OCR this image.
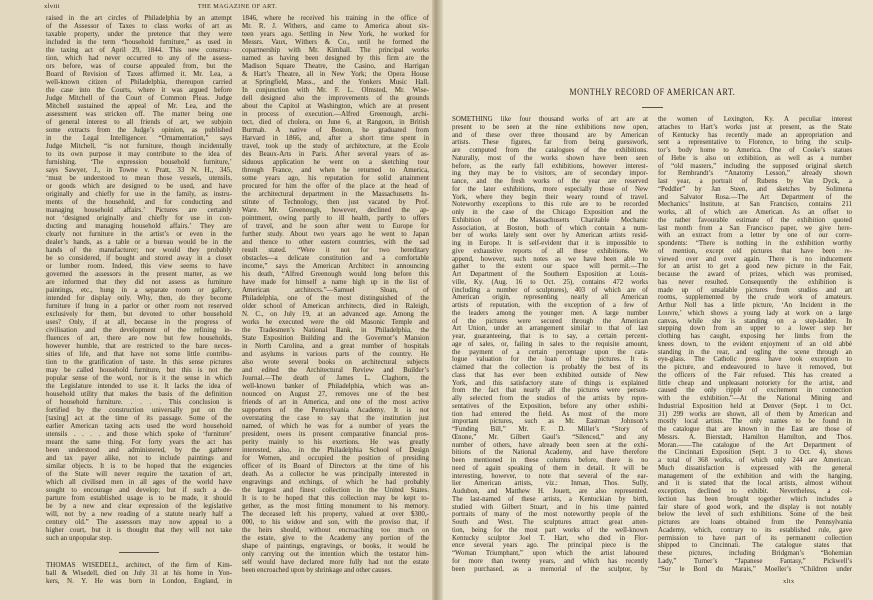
xlviii	THE MAGAZINE OF ART.
raised in the art circles of Philadelphia by an attempt
of the Assessor of Taxes to class works of art as
taxable property, under the pretence that they were
included in the term “household furniture,” as used in
the taxing act of April 29, 1844. This new construc-
tion, which had never occurred to any of the assess-
ors before, was of course appealed from, but the
Board of Revision of Taxes affirmed it. Mr. Lea, a
well-known citizen of Philadelphia, thereupon carried
the case into the Courts, where it was argued before
Judge Mitchell of the Court of Common Pleas. Judge
Mitchell sustained the appeal of Mr. Lea, and the
assessment was stricken off. The matter being one
of general interest to all friends of art, we subjoin
some extracts from the Judge’s opinion, as published
in the Legal Intelligencer. “Ornamentation,” says
Judge Mitchell, “is not furniture, though incidentally
to its own purpose it may contribute to the idea of
furnishing. ‘The expression household furniture,’
says Sawyer, J., in Towne v. Pratt, 33 N. H., 345,
‘must be understood to mean those vessels, utensils,
or goods which are designed to be used, and have
originally and chiefly for use in the family, as instru-
ments of the household, and for conducting and
managing household affairs.’ Pictures are certainly
not ‘designed originally and chiefly for use in con-
ducting and managing household affairs.’ They are
clearly not furniture in the artist’s or even in the
dealer’s hands, as a table or a bureau would be in the
hands of the manufacturer; nor would they probably
be so considered, if bought and stored away in a closet
or lumber room. Indeed, this view seems to have
governed the assessors in the present matter, as we
are informed that they did not assess as furniture
paintings, etc., hung in a separate room or gallery,
intended for display only. Why, then, do they become
furniture if hung in a parlor or other room not reserved
exclusively for them, but devoted to other household
uses? Only, if at all, because in the progress of
civilisation and the development of the refining in-
fluences of art, there are now but few households,
however humble, that are restricted to the bare neces-
sities of life, and that have not some little contribu-
tion to the gratification of taste. In this sense pictures
may be called household furniture, but this is not the
popular sense of the word, nor is it the sense in which
the Legislature intended to use it. It lacks the idea of
household utility that makes the basis of the definition
of household furniture. . . . . This conclusion is
fortified by the construction universally put on the
[taxing] act at the time of its passage. Some of the
earlier American taxing acts used the word household
utensils . . . . and those which spoke of ‘furniture’
meant the same thing. For forty years the act has
been understood and administered, by the gatherer
and tax payer alike, not to include paintings and
similar objects. It is to be hoped that the exigencies
of the State will never require the taxation of art,
which all civilised men in all ages of the world have
sought to encourage and develop; but if such a de-
parture from established usage is to be made, it should
be by a new and clear expression of the legislative
will, not by a new reading of a statute nearly half a
century old.” The assessors may now appeal to a
higher court, but it is thought that they will not take
such an unpopular step.
THOMAS WISEDELL, architect, of the firm of Kim-
ball & Wisedell, died on July 31 at his home in Yon-
kers, N. Y. He was born in London, England, in
1846, where he received his training in the office of
Mr. R. J. Withers, and came to America about six-
teen years ago. Settling in New York, he worked for
Messrs. Vaux, Withers & Co., until he formed the
copartnership with Mr. Kimball. The principal works
named as having been designed by this firm are the
Madison Square Theatre, the Casino, and Harrigan
& Hart’s Theatre, all in New York; the Opera House
at Springfield, Mass., and the Yonkers Music Hall.
In conjunction with Mr. F. L. Olmsted, Mr. Wise-
dell designed also the improvements of the grounds
about the Capitol at Washington, which are at present
in process of execution.—Alfred Greenough, archi-
tect, died of cholera, on June 6, at Rangoon, in British
Burmah. A native of Boston, he graduated from
Harvard in 1866, and, after a short time spent in
travel, took up the study of architecture, at the Ecole
des Beaux-Arts in Paris. After several years of as-
siduous application he went on a sketching tour
through France, and when he returned to America,
some years ago, his reputation for solid attainment
procured for him the offer of the place at the head of
the architectural department in the Massachusetts In-
stitute of Technology, then just vacated by Prof.
Ware. Mr. Greenough, however, declined the ap-
pointment, owing partly to ill health, partly to offers
of travel, and he soon after went to Europe for
further study. About two years ago he went to Japan
and thence to other eastern countries, with the sad
result stated. “Were it not for two hereditary
obstacles—a delicate constitution and a comfortable
income,” says the American Architect in announcing
his death, “Alfred Greenough would long before this
have made for himself a name high up in the list of
American architects.”—Samuel Sloan, of
Philadelphia, one of the most distinguished of the
older school of American architects, died in Raleigh,
N. C., on July 19, at an advanced age. Among the
works he executed were the old Masonic Temple and
the Tradesmen’s National Bank, in Philadelphia, the
State Exposition Building and the Governor’s Mansion
in North Carolina, and a great number of hospitals
and asylums in various parts of the country. He
also wrote several books on architectural subjects
and edited the Architectural Review and Builder’s
Journal.—The death of James L. Claghorn, the
well-known banker of Philadelphia, which was an-
nounced on August 27, removes one of the best
friends of art in America, and one of the most active
supporters of the Pennsylvania Academy. It is not
overstating the case to say that the institution just
named, of which he was for a number of years the
president, owes its present comparative financial pros-
perity mainly to his exertions. He was greatly
interested, also, in the Philadelphia School of Design
for Women, and occupied the position of presiding
officer of its Board of Directors at the time of his
death. As a collector he was principally interested in
engravings and etchings, of which he had probably
the largest and finest collection in the United States.
It is to be hoped that this collection may be kept to-
gether, as the most fitting monument to his memory.
The deceased left his property, valued at over $300,-
000, to his widow and son, with the proviso that, if
the heirs should, without encroaching too much on
the estate, give to the Academy any portion of the
shape of paintings, engravings, or books, it would be
only carrying out the intention which the testator him-
self would have declared more fully had not the estate
been encroached upon by shrinkage and other causes.
MONTHLY RECORD OF AMERICAN ART.
SOMETHING like four thousand works of art are at
present to be seen at the nine exhibitions now open,
and of these over three thousand are by American
artists. These figures, far from being guesswork,
are computed from the catalogues of the exhibitions.
Naturally, most of the works shown have been seen
before, as the early fall exhibitions, however interest-
ing they may be to visitors, are of secondary impor-
tance, and the fresh works of the year are reserved
for the later exhibitions, more especially those of New
York, where they begin their weary round of travel.
Noteworthy exceptions to this rule are to be recorded
only in the case of the Chicago Exposition and the
Exhibition of the Massachusetts Charitable Mechanic
Association, at Boston, both of which contain a num-
ber of works lately sent over by American artists resid-
ing in Europe. It is self-evident that it is impossible to
give exhaustive reports of all these exhibitions. We
append, however, such notes as we have been able to
gather to the extent our space will permit.—The
Art Department of the Southern Exposition at Louis-
ville, Ky. (Aug. 16 to Oct. 25), contains 472 works
(including a number of sculptures), 403 of which are of
American origin, representing nearly all American
artists of reputation, with the exception of a few of
the leaders among the younger men. A large number
of the pictures were secured through the American
Art Union, under an arrangement similar to that of last
year, guaranteeing, that is to say, a certain percent-
age of sales, or, failing in sales to the requisite amount,
the payment of a certain percentage upon the cata-
logue valuation for the loan of the pictures. It is
claimed that the collection is probably the best of its
class that has ever been exhibited outside of New
York, and this satisfactory state of things is explained
from the fact that nearly all the pictures were person-
ally selected from the studios of the artists by repre-
sentatives of the Exposition, before any other exhibi-
tion had entered the field. As most of the more
important pictures, such as Mr. Eastman Johnson’s
“Funding Bill,” Mr. F. D. Millet’s “Story of
Œnone,” Mr. Gilbert Gaul’s “Silenced,” and any
number of others, have already been seen at the exhi-
bitions of the National Academy, and have therefore
been mentioned in these columns before, there is no
need of again speaking of them in detail. It will be
interesting, however, to note that several of the ear-
lier American artists, viz.: Inman, Thos. Sully,
Audubon, and Matthew H. Jouett, are also represented.
The last-named of these artists, a Kentuckian by birth,
studied with Gilbert Stuart, and in his time painted
portraits of many of the most noteworthy people of the
South and West. The sculptures attract great atten-
tion, being for the most part works of the well-known
Kentucky sculptor Joel T. Hart, who died in Flor-
ence several years ago. The principal piece is the
“Woman Triumphant,” upon which the artist laboured
for more than twenty years, and which has recently
been purchased, as a memorial of the sculptor, by
the women of Lexington, Ky. A peculiar interest
attaches to Hart’s works just at present, as the State
of Kentucky has recently made an appropriation and
sent a representative to Florence, to bring the sculp-
tor’s body home to America. One of Cooke’s statues
of Hebe is also on exhibition, as well as a number
of “old masters,” including the supposed original sketch
for Rembrandt’s “Anatomy Lesson,” already shown
last year, a portrait of Rubens by Van Dyck, a
“Peddler” by Jan Steen, and sketches by Solimena
and Salvator Rosa.—The Art Department of the
Mechanics’ Institute, at San Francisco, contains 211
works, all of which are American. As an offset to
the rather favourable estimate of the exhibition quoted
last month from a San Francisco paper, we give here-
with an extract from a letter by one of our corre-
spondents: “There is nothing in the exhibition worthy
of mention, except old pictures that have been re-
viewed over and over again. There is no inducement
for an artist to get a good new picture in the Fair,
because the award of prizes, which was promised,
has never resulted. Consequently the exhibition is
made up of unsalable pictures from studios and art
rooms, supplemented by the crude work of amateurs.
Arthur Noll has a little picture, ‘An Incident in the
Louvre,’ which shows a young lady at work on a large
canvas, while she is standing on a step-ladder. In
stepping down from an upper to a lower step her
clothing has caught, exposing her limbs from the
knees down, to the evident enjoyment of an old abbé
standing in the rear, and ogling the scene through an
eye-glass. The Catholic press have took exception to
the picture, and endeavoured to have it removed, but
the officers of the Fair refused. This has created a
little cheap and unpleasant notoriety for the artist, and
caused the only ripple of excitement in connection
with the exhibition.”—At the National Mining and
Industrial Exposition held at Denver (Sept. 1 to Oct.
31) 299 works are shown, all of them by American and
mostly local artists. The only names to be found in
the catalogue that are known in the East are those of
Messrs. A. Bierstadt, Hamilton Hamilton, and Thos.
Moran.——The catalogue of the Art Department of
the Cincinnati Exposition (Sept. 3 to Oct. 4), shows
a total of 368 works, of which only 244 are American.
Much dissatisfaction is expressed with the general
management of the exhibition and with the hanging,
and it is stated that the local artists, almost without
exception, declined to exhibit. Nevertheless, a col-
lection has been brought together which includes a
fair share of good work, and the display is not notably
below the level of such exhibitions. Some of the best
pictures are loans obtained from the Pennsylvania
Academy, which, contrary to its established rule, gave
permission to have part of its permanent collection
shipped to Cincinnati. The catalogue states that
these pictures, including Bridgman’s “Bohemian
Lady,” Turner’s “Japanese Fantasy,” Pickwell’s
“Sur le Bord du Marais,” Moeller’s “Children under
xlix
